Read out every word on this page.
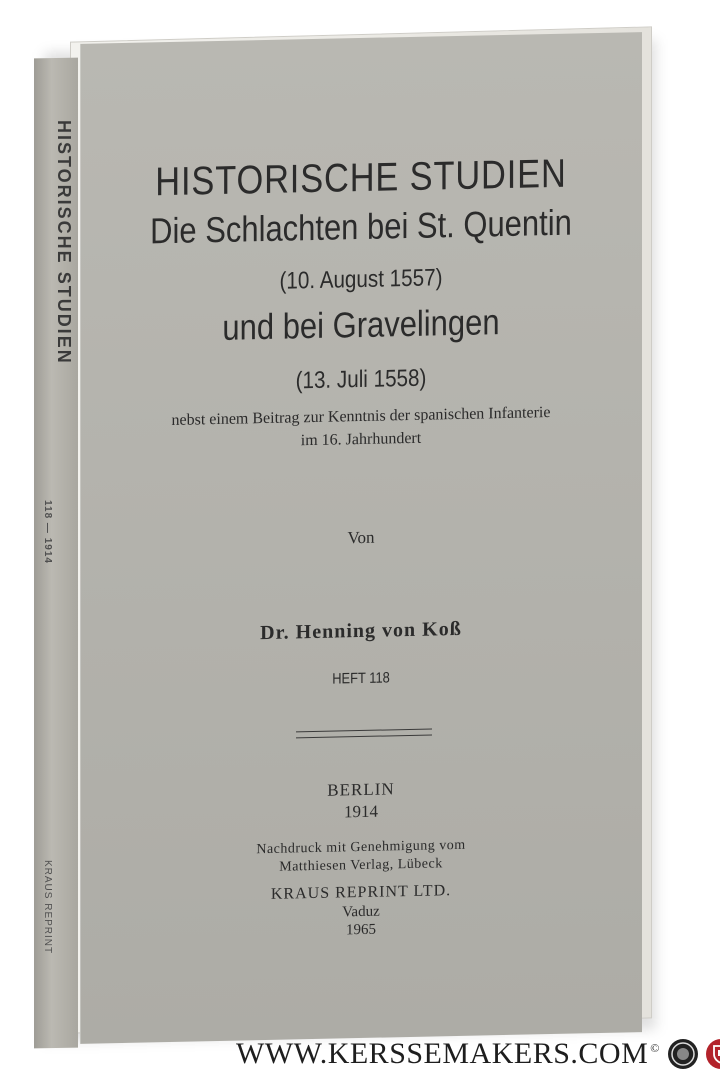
HISTORISCHE STUDIEN
118 — 1914
KRAUS REPRINT
HISTORISCHE STUDIEN
Die Schlachten bei St. Quentin
(10. August 1557)
und bei Gravelingen
(13. Juli 1558)
nebst einem Beitrag zur Kenntnis der spanischen Infanterie
im 16. Jahrhundert
Von
Dr. Henning von Koß
HEFT 118
BERLIN
1914
Nachdruck mit Genehmigung vom
Matthiesen Verlag, Lübeck
KRAUS REPRINT LTD.
Vaduz
1965
WWW.KERSSEMAKERS.COM ©
